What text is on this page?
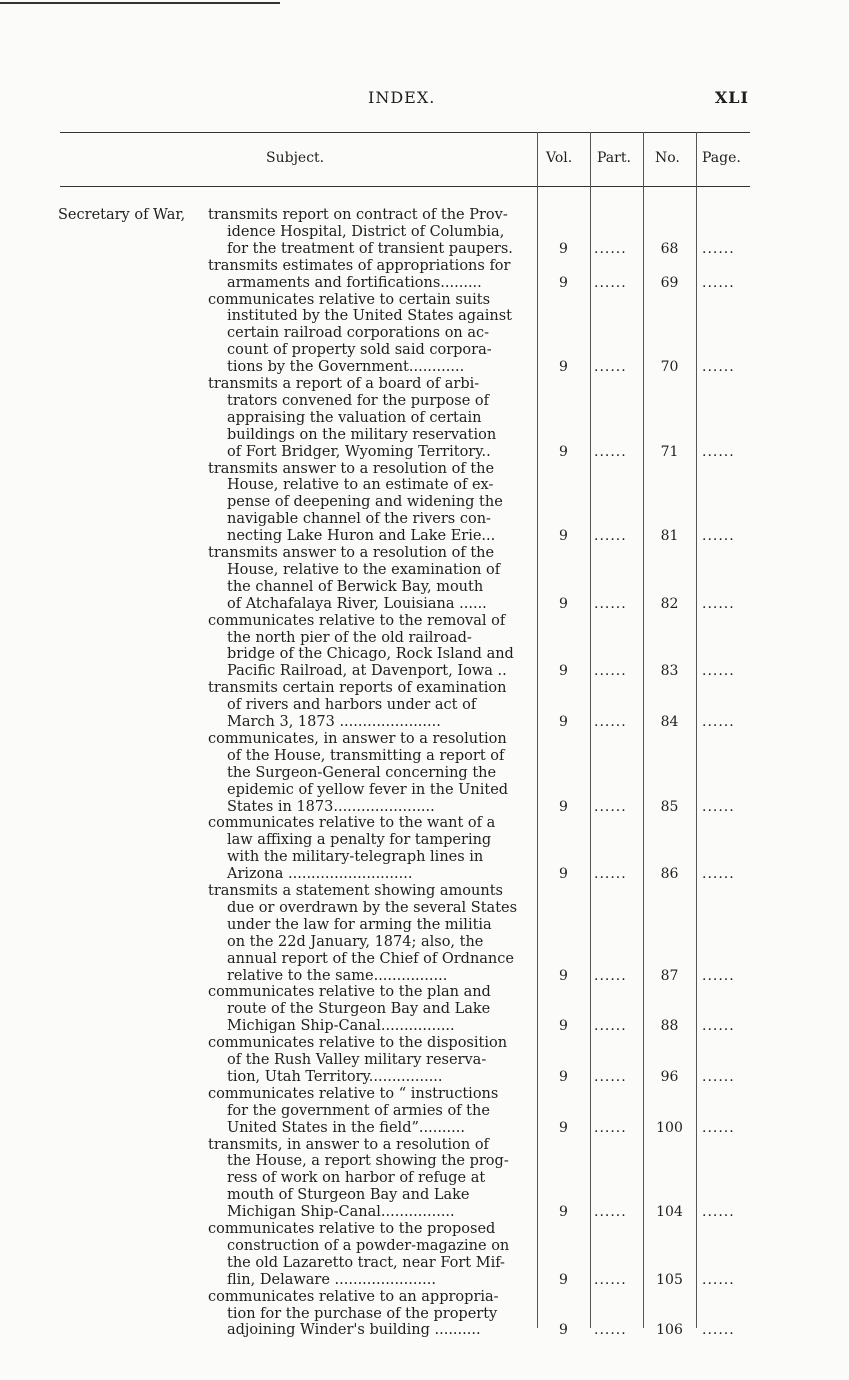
INDEX.	XLI
Subject.	Vol. Part. No. Page.
Secretary of War, transmits report on contract of the Prov-
idence Hospital, District of Columbia,
for the treatment of transient paupers.	9	......	68	......
transmits estimates of appropriations for
armaments and fortifications.........	9	......	69	......
communicates relative to certain suits
instituted by the United States against
certain railroad corporations on ac-
count of property sold said corpora-
tions by the Government............	9	......	70	......
transmits a report of a board of arbi-
trators convened for the purpose of
appraising the valuation of certain
buildings on the military reservation
of Fort Bridger, Wyoming Territory..	9	......	71	......
transmits answer to a resolution of the
House, relative to an estimate of ex-
pense of deepening and widening the
navigable channel of the rivers con-
necting Lake Huron and Lake Erie...	9	......	81	......
transmits answer to a resolution of the
House, relative to the examination of
the channel of Berwick Bay, mouth
of Atchafalaya River, Louisiana ......	9	......	82	......
communicates relative to the removal of
the north pier of the old railroad-
bridge of the Chicago, Rock Island and
Pacific Railroad, at Davenport, Iowa ..	9	......	83	......
transmits certain reports of examination
of rivers and harbors under act of
March 3, 1873 ......................	9	......	84	......
communicates, in answer to a resolution
of the House, transmitting a report of
the Surgeon-General concerning the
epidemic of yellow fever in the United
States in 1873......................	9	......	85	......
communicates relative to the want of a
law affixing a penalty for tampering
with the military-telegraph lines in
Arizona ...........................	9	......	86	......
transmits a statement showing amounts
due or overdrawn by the several States
under the law for arming the militia
on the 22d January, 1874; also, the
annual report of the Chief of Ordnance
relative to the same................	9	......	87	......
communicates relative to the plan and
route of the Sturgeon Bay and Lake
Michigan Ship-Canal................	9	......	88	......
communicates relative to the disposition
of the Rush Valley military reserva-
tion, Utah Territory................	9	......	96	......
communicates relative to “ instructions
for the government of armies of the
United States in the field”..........	9	......	100	......
transmits, in answer to a resolution of
the House, a report showing the prog-
ress of work on harbor of refuge at
mouth of Sturgeon Bay and Lake
Michigan Ship-Canal................	9	......	104	......
communicates relative to the proposed
construction of a powder-magazine on
the old Lazaretto tract, near Fort Mif-
flin, Delaware ......................	9	......	105	......
communicates relative to an appropria-
tion for the purchase of the property
adjoining Winder's building ..........	9	......	106	......
